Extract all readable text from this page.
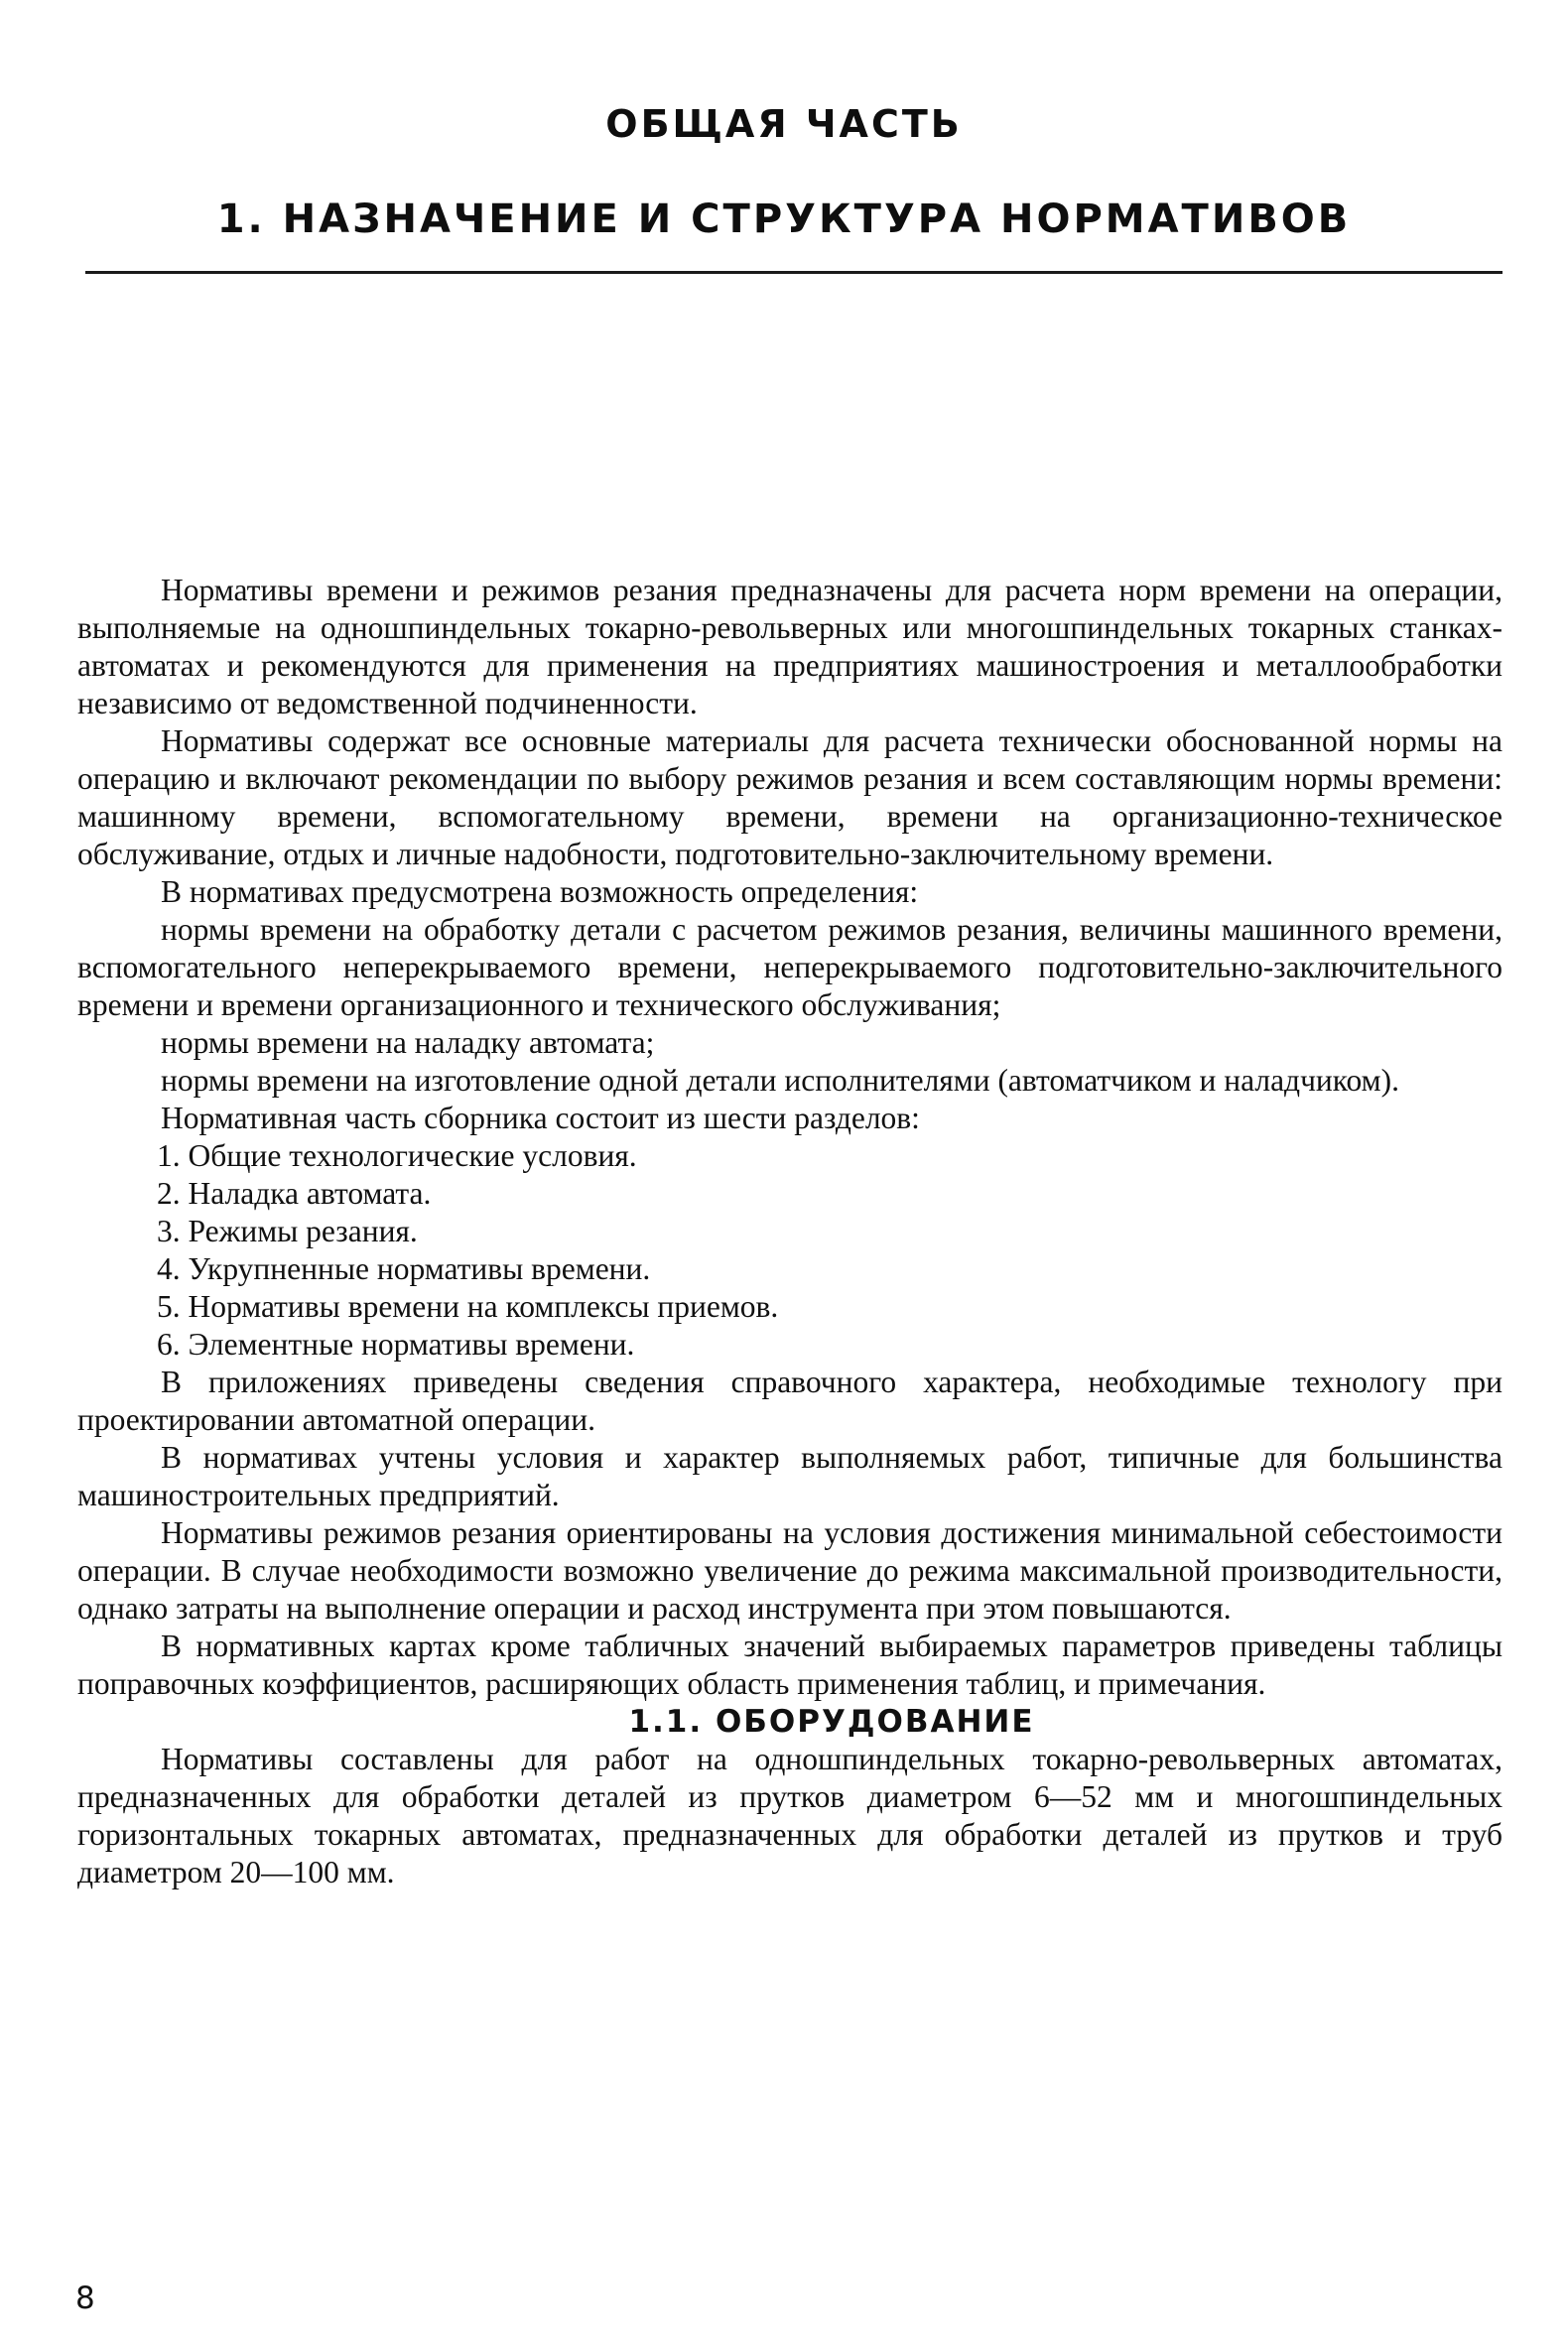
ОБЩАЯ ЧАСТЬ
1. НАЗНАЧЕНИЕ И СТРУКТУРА НОРМАТИВОВ

Нормативы времени и режимов резания предназначены для расчета норм времени на операции, выполняемые на одношпиндельных токарно-револьверных или многошпиндельных токарных станках-автоматах и рекомендуются для применения на предприятиях машиностроения и металлообработки независимо от ведомственной подчиненности.

Нормативы содержат все основные материалы для расчета технически обоснованной нормы на операцию и включают рекомендации по выбору режимов резания и всем составляющим нормы времени: машинному времени, вспомогательному времени, времени на организационно-техническое обслуживание, отдых и личные надобности, подготовительно-заключительному времени.

В нормативах предусмотрена возможность определения:

нормы времени на обработку детали с расчетом режимов резания, величины машинного времени, вспомогательного неперекрываемого времени, неперекрываемого подготовительно-заключительного времени и времени организационного и технического обслуживания;

нормы времени на наладку автомата;

нормы времени на изготовление одной детали исполнителями (автоматчиком и наладчиком).

Нормативная часть сборника состоит из шести разделов:

1. Общие технологические условия.

2. Наладка автомата.

3. Режимы резания.

4. Укрупненные нормативы времени.

5. Нормативы времени на комплексы приемов.

6. Элементные нормативы времени.

В приложениях приведены сведения справочного характера, необходимые технологу при проектировании автоматной операции.

В нормативах учтены условия и характер выполняемых работ, типичные для большинства машиностроительных предприятий.

Нормативы режимов резания ориентированы на условия достижения минимальной себестоимости операции. В случае необходимости возможно увеличение до режима максимальной производительности, однако затраты на выполнение операции и расход инструмента при этом повышаются.

В нормативных картах кроме табличных значений выбираемых параметров приведены таблицы поправочных коэффициентов, расширяющих область применения таблиц, и примечания.

1.1. ОБОРУДОВАНИЕ

Нормативы составлены для работ на одношпиндельных токарно-револьверных автоматах, предназначенных для обработки деталей из прутков диаметром 6—52 мм и многошпиндельных горизонтальных токарных автоматах, предназначенных для обработки деталей из прутков и труб диаметром 20—100 мм.

8
